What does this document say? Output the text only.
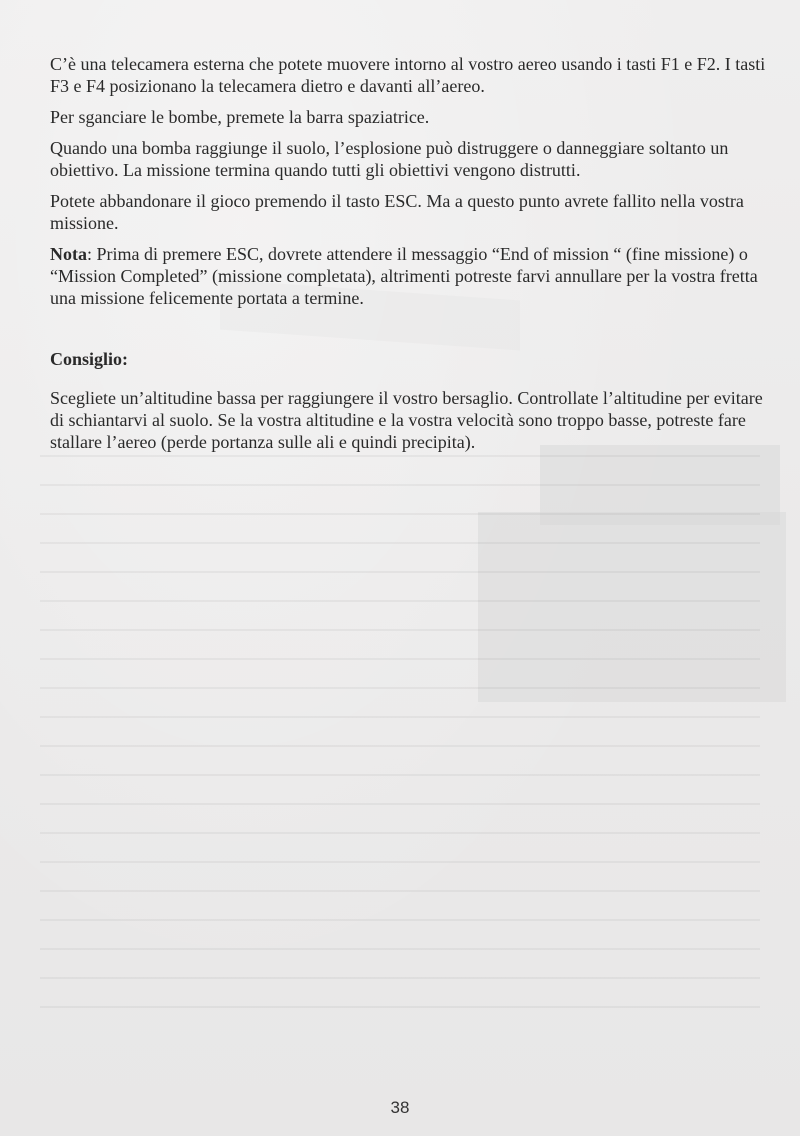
C’è una telecamera esterna che potete muovere intorno al vostro aereo usando i tasti F1 e F2. I tasti F3 e F4 posizionano la telecamera dietro e davanti all’aereo.

Per sganciare le bombe, premete la barra spaziatrice.

Quando una bomba raggiunge il suolo, l’esplosione può distruggere o danneggiare soltanto un obiettivo. La missione termina quando tutti gli obiettivi vengono distrutti.

Potete abbandonare il gioco premendo il tasto ESC. Ma a questo punto avrete fallito nella vostra missione.

Nota: Prima di premere ESC, dovrete attendere il messaggio “End of mission “ (fine missione) o “Mission Completed” (missione completata), altrimenti potreste farvi annullare per la vostra fretta una missione felicemente portata a termine.

Consiglio:

Scegliete un’altitudine bassa per raggiungere il vostro bersaglio. Controllate l’altitudine per evitare di schiantarvi al suolo. Se la vostra altitudine e la vostra velocità sono troppo basse, potreste fare stallare l’aereo (perde portanza sulle ali e quindi precipita).

38
